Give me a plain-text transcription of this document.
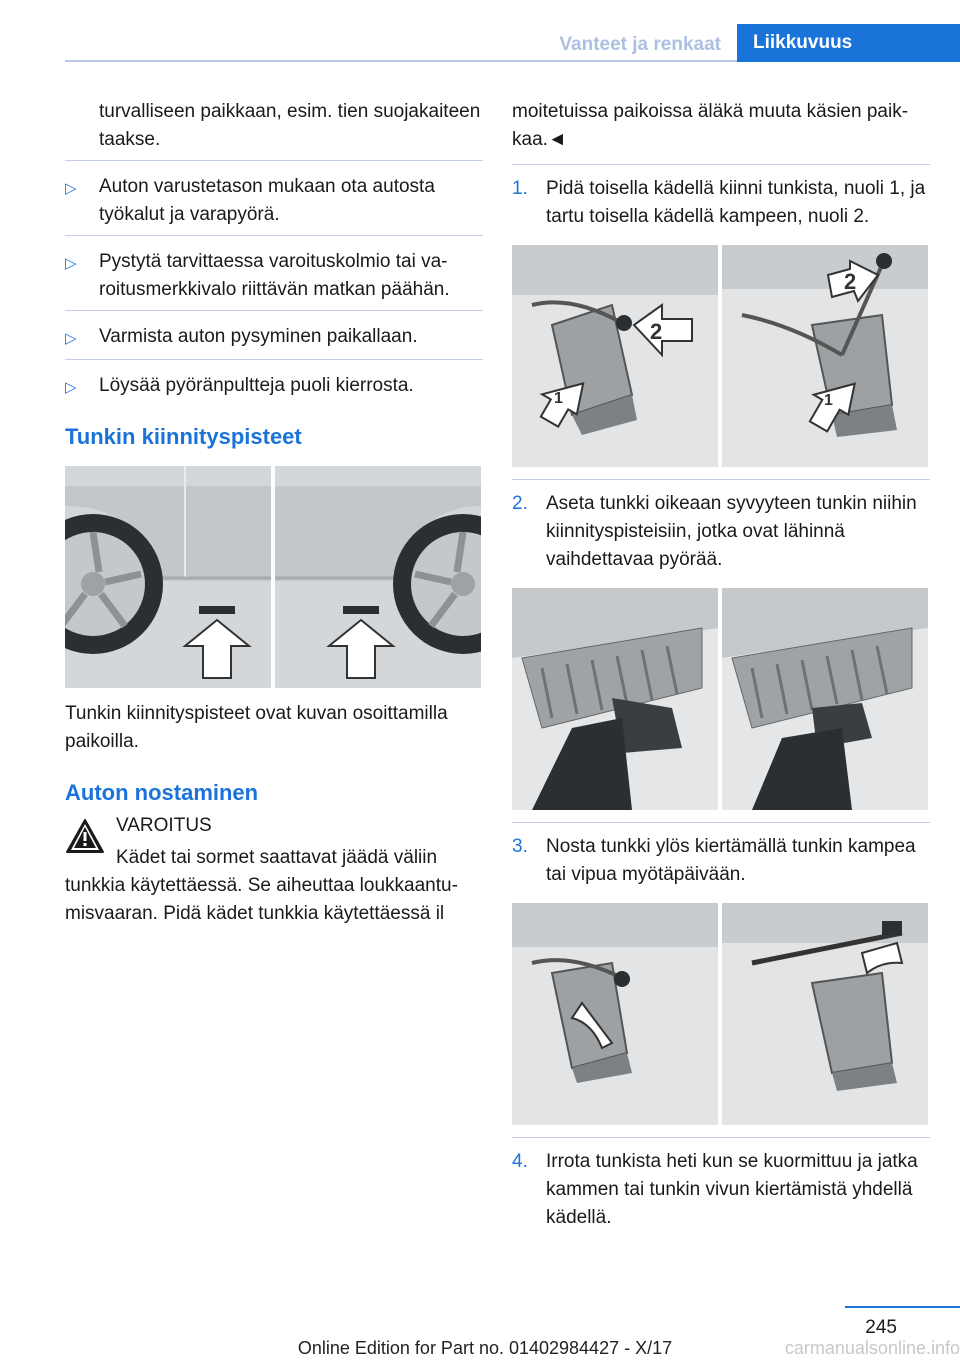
Vanteet ja renkaat	Liikkuvuus

turvalliseen paikkaan, esim. tien suojakaiteen taakse.

▷	Auton varustetason mukaan ota autosta työkalut ja varapyörä.
▷	Pystytä tarvittaessa varoituskolmio tai varoitusmerkkivalo riittävän matkan päähän.
▷	Varmista auton pysyminen paikallaan.
▷	Löysää pyöränpultteja puoli kierrosta.
Tunkin kiinnityspisteet

Tunkin kiinnityspisteet ovat kuvan osoittamilla paikoilla.

Auton nostaminen
VAROITUS
Kädet tai sormet saattavat jäädä väliin
tunkkia käytettäessä. Se aiheuttaa loukkaantumisvaaran. Pidä kädet tunkkia käytettäessä il

moitetuissa paikoissa äläkä muuta käsien paikkaa.◄

1. Pidä toisella kädellä kiinni tunkista, nuoli 1, ja tartu toisella kädellä kampeen, nuoli 2.
2
1
2
1
2. Aseta tunkki oikeaan syvyyteen tunkin niihin kiinnityspisteisiin, jotka ovat lähinnä vaihdettavaa pyörää.
3. Nosta tunkki ylös kiertämällä tunkin kampea tai vipua myötäpäivään.
4. Irrota tunkista heti kun se kuormittuu ja jatka kammen tai tunkin vivun kiertämistä yhdellä kädellä.
245
Online Edition for Part no. 01402984427 - X/17	carmanualsonline.info
